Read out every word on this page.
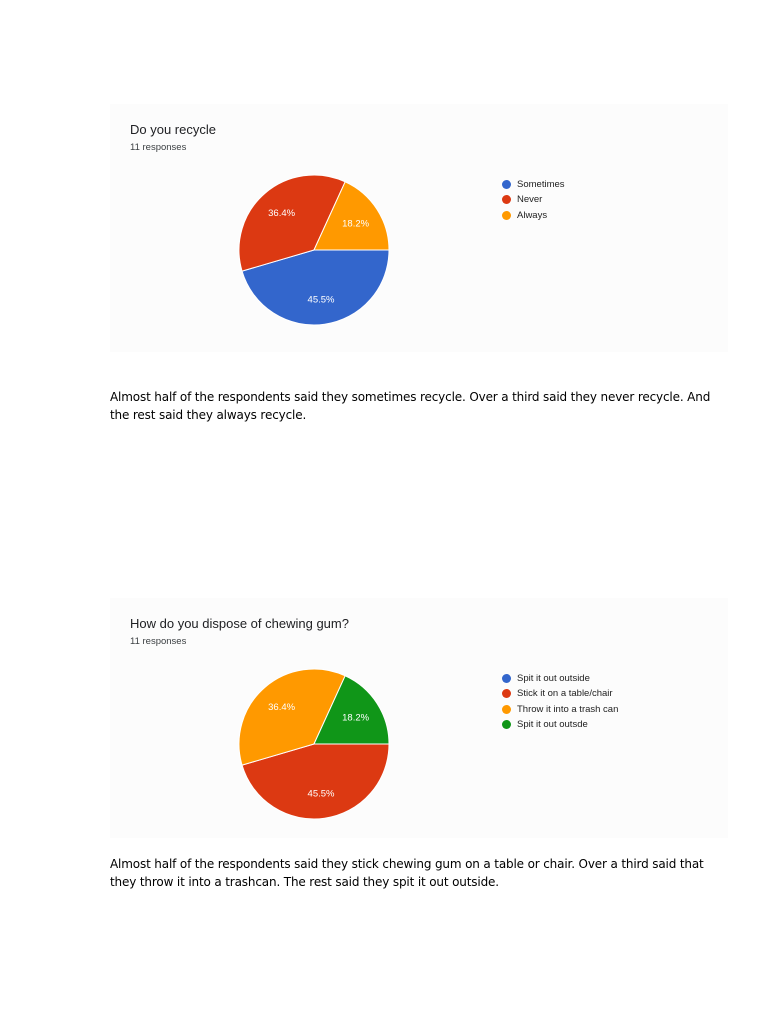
Do you recycle
11 responses
45.5%
36.4%
18.2%
Sometimes
Never
Always
Almost half of the respondents said they sometimes recycle. Over a third said they never recycle. And the rest said they always recycle.
How do you dispose of chewing gum?
11 responses
45.5%
36.4%
18.2%
Spit it out outside
Stick it on a table/chair
Throw it into a trash can
Spit it out outsde
Almost half of the respondents said they stick chewing gum on a table or chair. Over a third said that they throw it into a trashcan. The rest said they spit it out outside.
